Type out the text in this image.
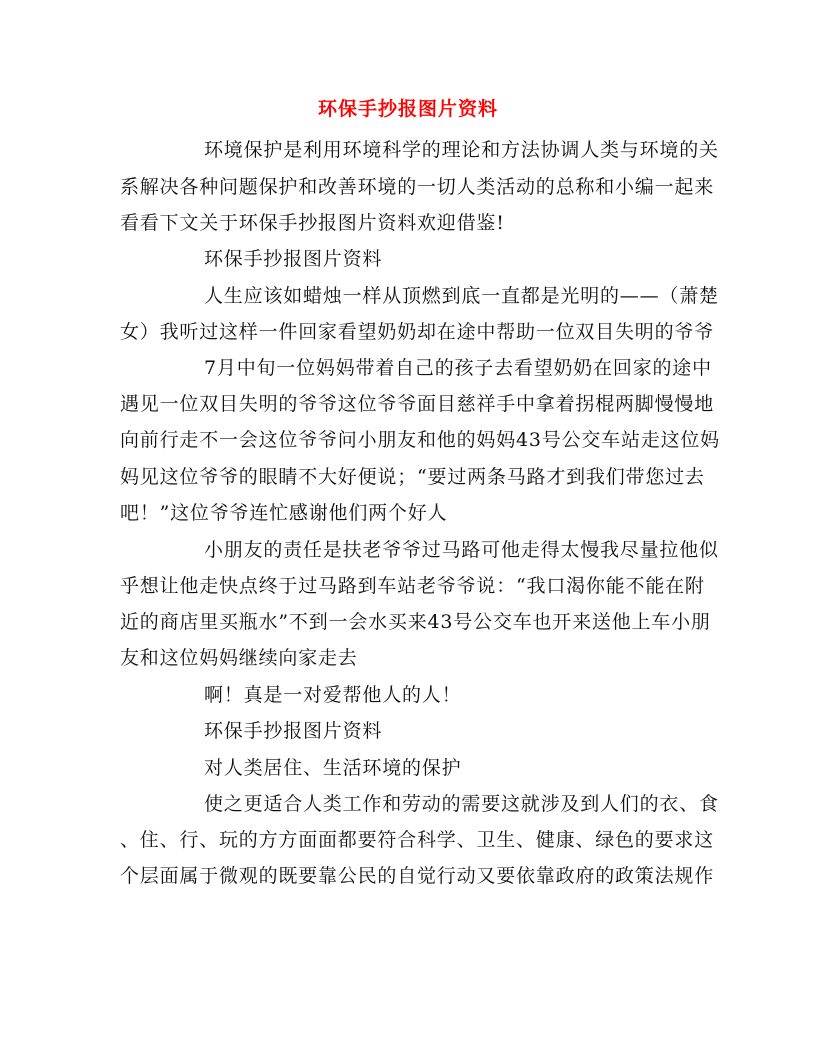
环保手抄报图片资料
环境保护是利用环境科学的理论和方法协调人类与环境的关
系解决各种问题保护和改善环境的一切人类活动的总称和小编一起来
看看下文关于环保手抄报图片资料欢迎借鉴!
环保手抄报图片资料
人生应该如蜡烛一样从顶燃到底一直都是光明的——（萧楚
女）我听过这样一件回家看望奶奶却在途中帮助一位双目失明的爷爷
7月中旬一位妈妈带着自己的孩子去看望奶奶在回家的途中
遇见一位双目失明的爷爷这位爷爷面目慈祥手中拿着拐棍两脚慢慢地
向前行走不一会这位爷爷问小朋友和他的妈妈43号公交车站走这位妈
妈见这位爷爷的眼睛不大好便说；“要过两条马路才到我们带您过去
吧！”这位爷爷连忙感谢他们两个好人
小朋友的责任是扶老爷爷过马路可他走得太慢我尽量拉他似
乎想让他走快点终于过马路到车站老爷爷说：“我口渴你能不能在附
近的商店里买瓶水”不到一会水买来43号公交车也开来送他上车小朋
友和这位妈妈继续向家走去
啊！真是一对爱帮他人的人！
环保手抄报图片资料
对人类居住、生活环境的保护
使之更适合人类工作和劳动的需要这就涉及到人们的衣、食
、住、行、玩的方方面面都要符合科学、卫生、健康、绿色的要求这
个层面属于微观的既要靠公民的自觉行动又要依靠政府的政策法规作
